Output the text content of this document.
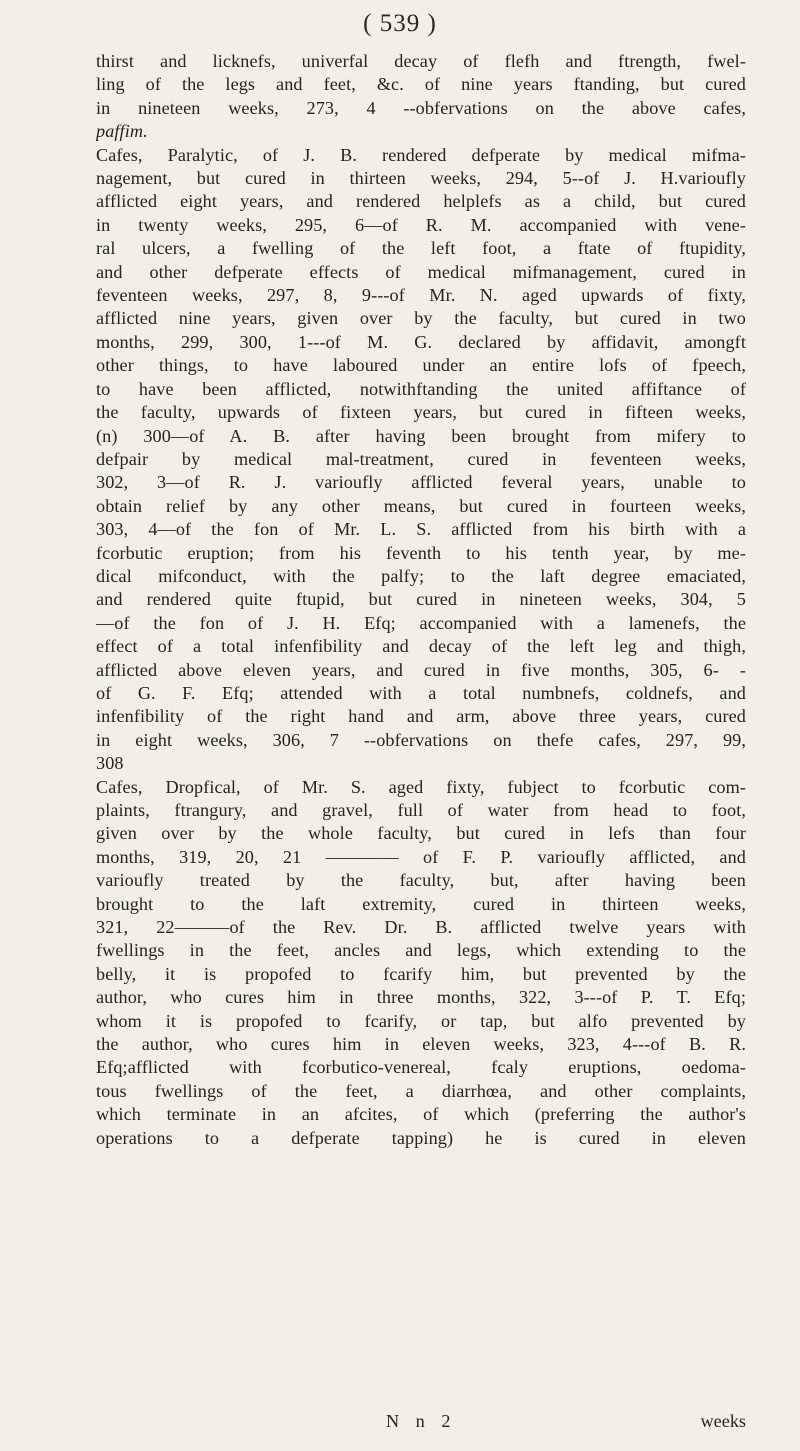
( 539 )
thirst and licknefs, univerfal decay of flefh and ftrength, fwel-
ling of the legs and feet, &c. of nine years ftanding, but cured
in nineteen weeks, 273, 4 --obfervations on the above cafes,
paffim.
Cafes, Paralytic, of J. B. rendered defperate by medical mifma-
nagement, but cured in thirteen weeks, 294, 5--of J. H.varioufly
afflicted eight years, and rendered helplefs as a child, but cured
in twenty weeks, 295, 6—of R. M. accompanied with vene-
ral ulcers, a fwelling of the left foot, a ftate of ftupidity,
and other defperate effects of medical mifmanagement, cured in
feventeen weeks, 297, 8, 9---of Mr. N. aged upwards of fixty,
afflicted nine years, given over by the faculty, but cured in two
months, 299, 300, 1---of M. G. declared by affidavit, amongft
other things, to have laboured under an entire lofs of fpeech,
to have been afflicted, notwithftanding the united affiftance of
the faculty, upwards of fixteen years, but cured in fifteen weeks,
(n) 300—of A. B. after having been brought from mifery to
defpair by medical mal-treatment, cured in feventeen weeks,
302, 3—of R. J. varioufly afflicted feveral years, unable to
obtain relief by any other means, but cured in fourteen weeks,
303, 4—of the fon of Mr. L. S. afflicted from his birth with a
fcorbutic eruption; from his feventh to his tenth year, by me-
dical mifconduct, with the palfy; to the laft degree emaciated,
and rendered quite ftupid, but cured in nineteen weeks, 304, 5
—of the fon of J. H. Efq; accompanied with a lamenefs, the
effect of a total infenfibility and decay of the left leg and thigh,
afflicted above eleven years, and cured in five months, 305, 6- -
of G. F. Efq; attended with a total numbnefs, coldnefs, and
infenfibility of the right hand and arm, above three years, cured
in eight weeks, 306, 7 --obfervations on thefe cafes, 297, 99,
308
Cafes, Dropfical, of Mr. S. aged fixty, fubject to fcorbutic com-
plaints, ftrangury, and gravel, full of water from head to foot,
given over by the whole faculty, but cured in lefs than four
months, 319, 20, 21 ———— of F. P. varioufly afflicted, and
varioufly treated by the faculty, but, after having been
brought to the laft extremity, cured in thirteen weeks,
321, 22———of the Rev. Dr. B. afflicted twelve years with
fwellings in the feet, ancles and legs, which extending to the
belly, it is propofed to fcarify him, but prevented by the
author, who cures him in three months, 322, 3---of P. T. Efq;
whom it is propofed to fcarify, or tap, but alfo prevented by
the author, who cures him in eleven weeks, 323, 4---of B. R.
Efq;afflicted with fcorbutico-venereal, fcaly eruptions, oedoma-
tous fwellings of the feet, a diarrhœa, and other complaints,
which terminate in an afcites, of which (preferring the author's
operations to a defperate tapping) he is cured in eleven
N n 2	weeks
